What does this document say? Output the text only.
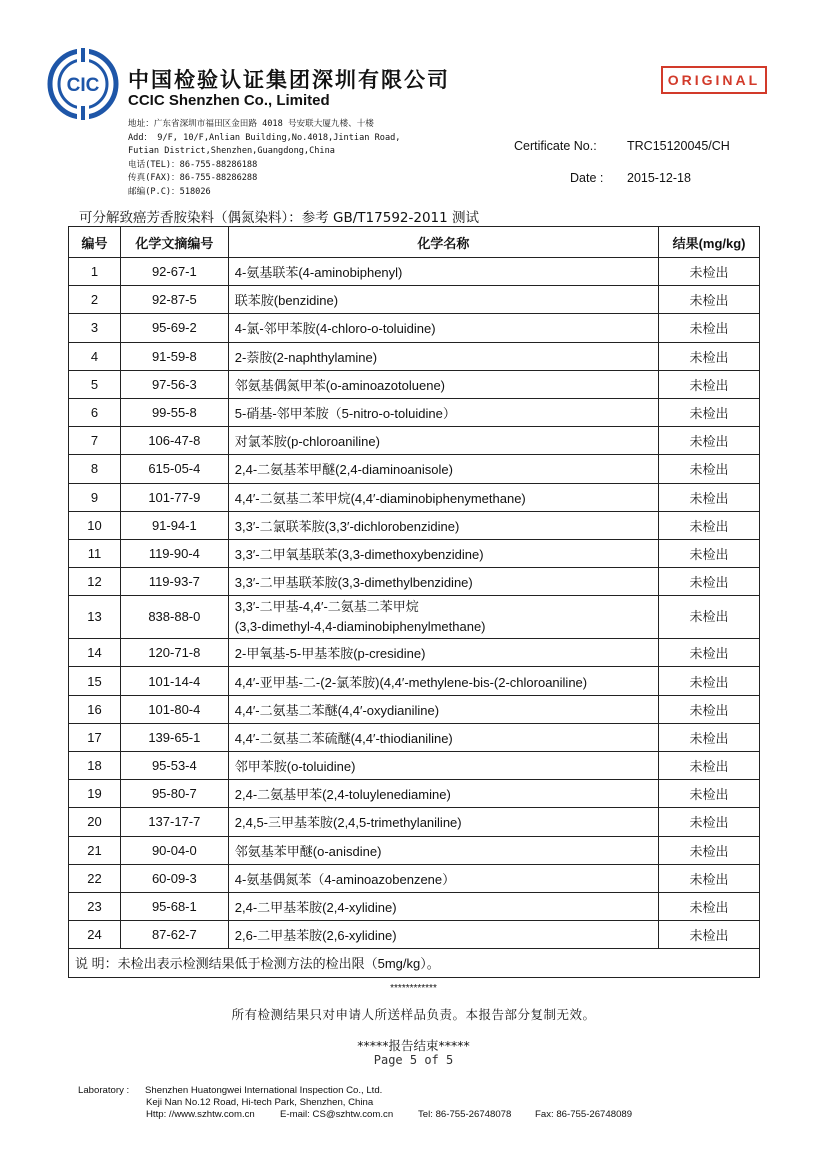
CIC 中国检验认证集团深圳有限公司
CCIC Shenzhen Co., Limited
ORIGINAL
地址：广东省深圳市福田区金田路 4018 号安联大厦九楼、十楼
Add： 9/F, 10/F,Anlian Building,No.4018,Jintian Road,
Futian District,Shenzhen,Guangdong,China
电话(TEL)：86-755-88286188
传真(FAX)：86-755-88286288
邮编(P.C)：518026
Certificate No.: TRC15120045/CH
Date : 2015-12-18
可分解致癌芳香胺染料（偶氮染料）：参考 GB/T17592-2011 测试
编号	化学文摘编号	化学名称	结果(mg/kg)
1	92-67-1	4-氨基联苯(4-aminobiphenyl)	未检出
2	92-87-5	联苯胺(benzidine)	未检出
3	95-69-2	4-氯-邻甲苯胺(4-chloro-o-toluidine)	未检出
4	91-59-8	2-萘胺(2-naphthylamine)	未检出
5	97-56-3	邻氨基偶氮甲苯(o-aminoazotoluene)	未检出
6	99-55-8	5-硝基-邻甲苯胺（5-nitro-o-toluidine）	未检出
7	106-47-8	对氯苯胺(p-chloroaniline)	未检出
8	615-05-4	2,4-二氨基苯甲醚(2,4-diaminoanisole)	未检出
9	101-77-9	4,4′-二氨基二苯甲烷(4,4′-diaminobiphenymethane)	未检出
10	91-94-1	3,3′-二氯联苯胺(3,3′-dichlorobenzidine)	未检出
11	119-90-4	3,3′-二甲氧基联苯(3,3-dimethoxybenzidine)	未检出
12	119-93-7	3,3′-二甲基联苯胺(3,3-dimethylbenzidine)	未检出
13	838-88-0	3,3′-二甲基-4,4′-二氨基二苯甲烷
(3,3-dimethyl-4,4-diaminobiphenylmethane)	未检出
14	120-71-8	2-甲氧基-5-甲基苯胺(p-cresidine)	未检出
15	101-14-4	4,4′-亚甲基-二-(2-氯苯胺)(4,4′-methylene-bis-(2-chloroaniline)	未检出
16	101-80-4	4,4′-二氨基二苯醚(4,4′-oxydianiline)	未检出
17	139-65-1	4,4′-二氨基二苯硫醚(4,4′-thiodianiline)	未检出
18	95-53-4	邻甲苯胺(o-toluidine)	未检出
19	95-80-7	2,4-二氨基甲苯(2,4-toluylenediamine)	未检出
20	137-17-7	2,4,5-三甲基苯胺(2,4,5-trimethylaniline)	未检出
21	90-04-0	邻氨基苯甲醚(o-anisdine)	未检出
22	60-09-3	4-氨基偶氮苯（4-aminoazobenzene）	未检出
23	95-68-1	2,4-二甲基苯胺(2,4-xylidine)	未检出
24	87-62-7	2,6-二甲基苯胺(2,6-xylidine)	未检出
说 明：未检出表示检测结果低于检测方法的检出限（5mg/kg）。			
************
所有检测结果只对申请人所送样品负责。本报告部分复制无效。
*****报告结束*****
Page 5 of 5
Laboratory : Shenzhen Huatongwei International Inspection Co., Ltd.
Keji Nan No.12 Road, Hi-tech Park, Shenzhen, China
Http: //www.szhtw.com.cn	E-mail: CS@szhtw.com.cn	Tel: 86-755-26748078 Fax: 86-755-26748089
